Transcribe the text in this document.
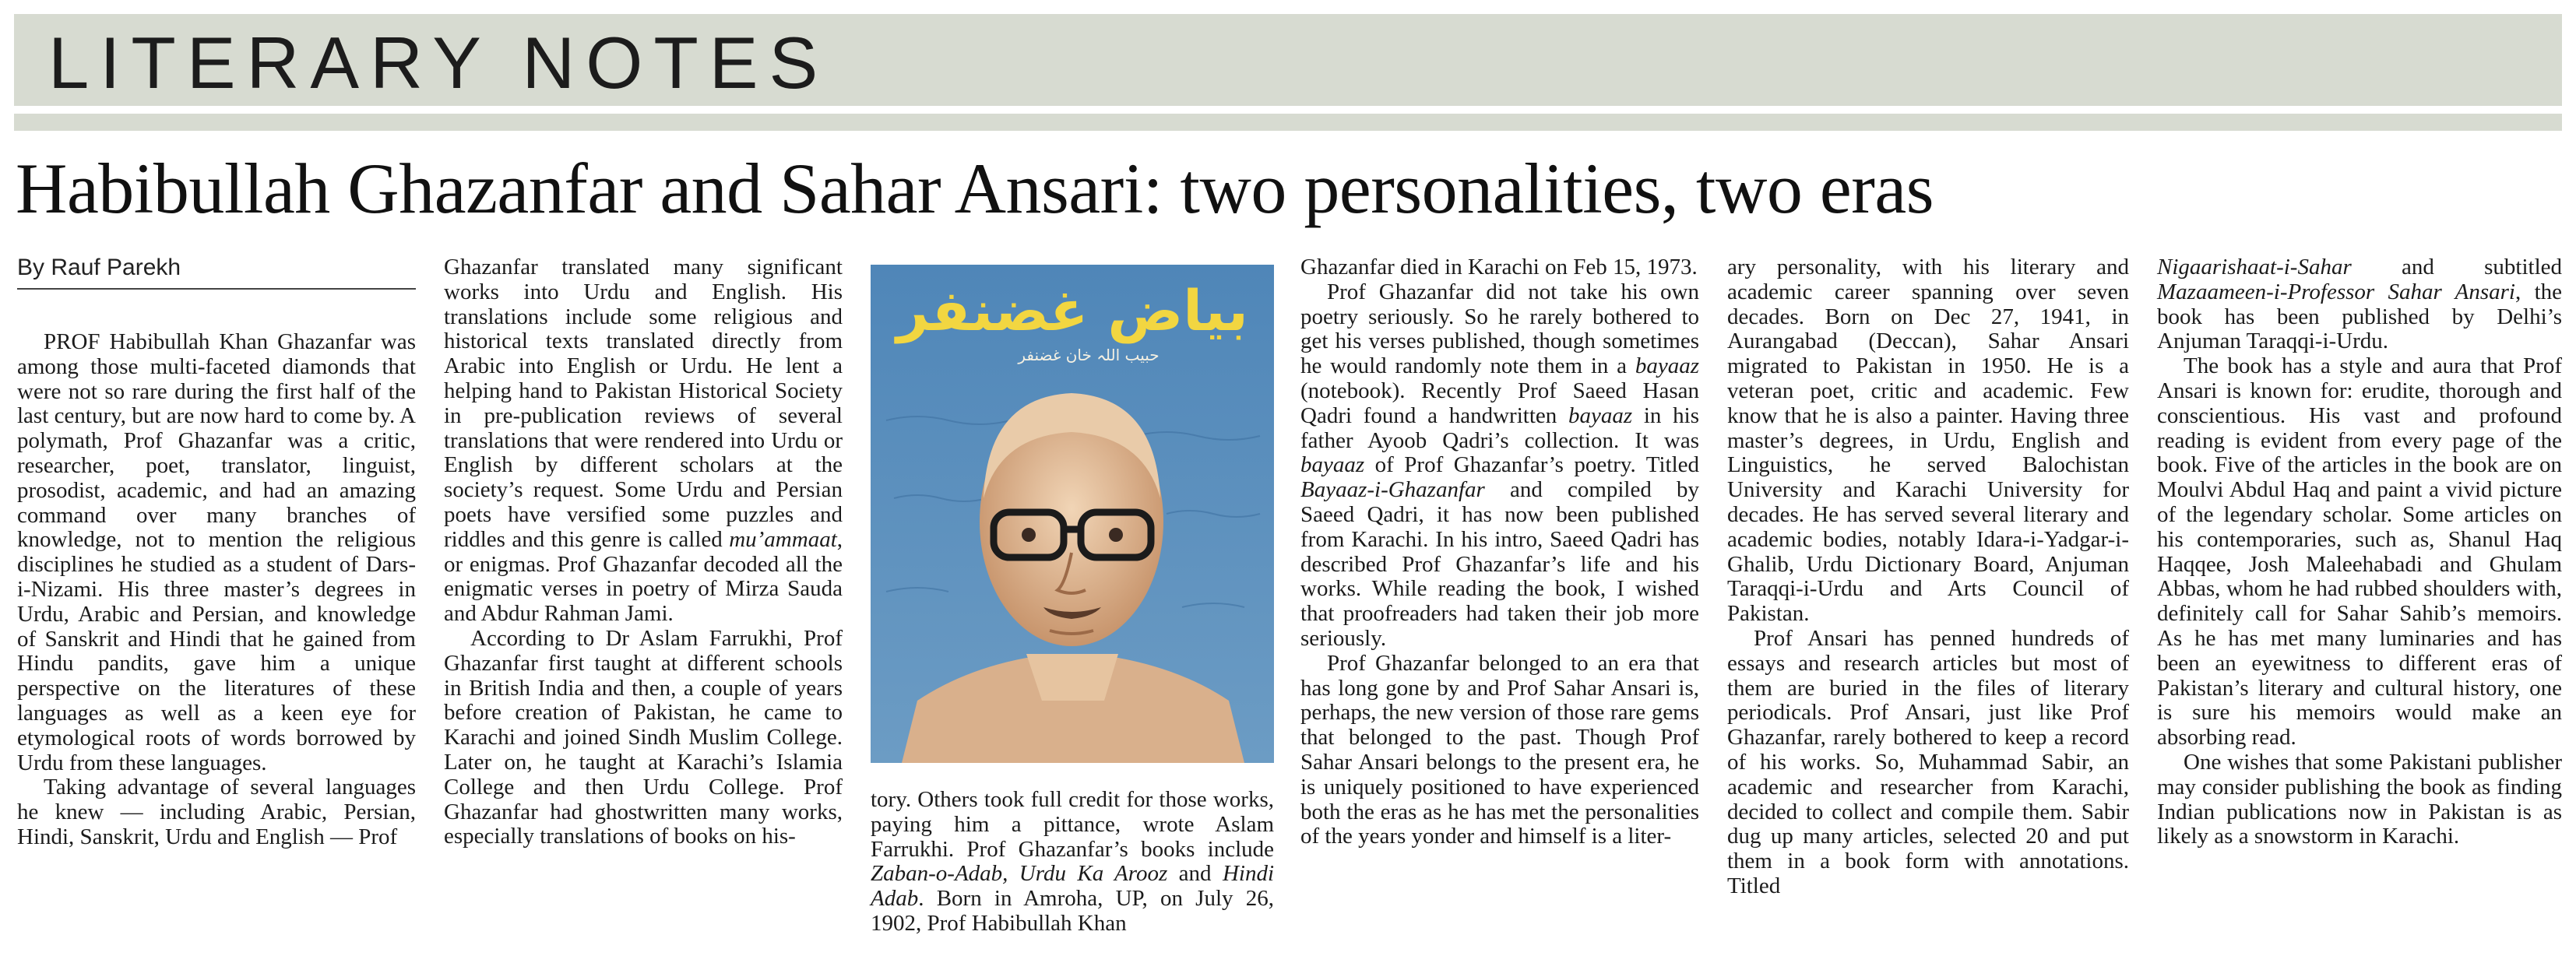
LITERARY NOTES
Habibullah Ghazanfar and Sahar Ansari: two personalities, two eras
By Rauf Parekh

PROF Habibullah Khan Ghazanfar was among those multi-faceted diamonds that were not so rare during the first half of the last century, but are now hard to come by. A polymath, Prof Ghazanfar was a critic, researcher, poet, translator, linguist, prosodist, academic, and had an amazing command over many branches of knowledge, not to mention the religious disciplines he studied as a student of Dars-i-Nizami. His three master’s degrees in Urdu, Arabic and Persian, and knowledge of Sanskrit and Hindi that he gained from Hindu pandits, gave him a unique perspective on the literatures of these languages as well as a keen eye for etymological roots of words borrowed by Urdu from these languages.

Taking advantage of several languages he knew — including Arabic, Persian, Hindi, Sanskrit, Urdu and English — Prof

Ghazanfar translated many significant works into Urdu and English. His translations include some religious and historical texts translated directly from Arabic into English or Urdu. He lent a helping hand to Pakistan Historical Society in pre-publication reviews of several translations that were rendered into Urdu or English by different scholars at the society’s request. Some Urdu and Persian poets have versified some puzzles and riddles and this genre is called mu’ammaat, or enigmas. Prof Ghazanfar decoded all the enigmatic verses in poetry of Mirza Sauda and Abdur Rahman Jami.

According to Dr Aslam Farrukhi, Prof Ghazanfar first taught at different schools in British India and then, a couple of years before creation of Pakistan, he came to Karachi and joined Sindh Muslim College. Later on, he taught at Karachi’s Islamia College and then Urdu College. Prof Ghazanfar had ghostwritten many works, especially translations of books on his-

بیاض غضنفر
حبیب اللہ خان غضنفر

tory. Others took full credit for those works, paying him a pittance, wrote Aslam Farrukhi. Prof Ghazanfar’s books include Zaban-o-Adab, Urdu Ka Arooz and Hindi Adab. Born in Amroha, UP, on July 26, 1902, Prof Habibullah Khan

Ghazanfar died in Karachi on Feb 15, 1973.

Prof Ghazanfar did not take his own poetry seriously. So he rarely bothered to get his verses published, though sometimes he would randomly note them in a bayaaz (notebook). Recently Prof Saeed Hasan Qadri found a handwritten bayaaz in his father Ayoob Qadri’s collection. It was bayaaz of Prof Ghazanfar’s poetry. Titled Bayaaz-i-Ghazanfar and compiled by Saeed Qadri, it has now been published from Karachi. In his intro, Saeed Qadri has described Prof Ghazanfar’s life and his works. While reading the book, I wished that proofreaders had taken their job more seriously.

Prof Ghazanfar belonged to an era that has long gone by and Prof Sahar Ansari is, perhaps, the new version of those rare gems that belonged to the past. Though Prof Sahar Ansari belongs to the present era, he is uniquely positioned to have experienced both the eras as he has met the personalities of the years yonder and himself is a liter-

ary personality, with his literary and academic career spanning over seven decades. Born on Dec 27, 1941, in Aurangabad (Deccan), Sahar Ansari migrated to Pakistan in 1950. He is a veteran poet, critic and academic. Few know that he is also a painter. Having three master’s degrees, in Urdu, English and Linguistics, he served Balochistan University and Karachi University for decades. He has served several literary and academic bodies, notably Idara-i-Yadgar-i-Ghalib, Urdu Dictionary Board, Anjuman Taraqqi-i-Urdu and Arts Council of Pakistan.

Prof Ansari has penned hundreds of essays and research articles but most of them are buried in the files of literary periodicals. Prof Ansari, just like Prof Ghazanfar, rarely bothered to keep a record of his works. So, Muhammad Sabir, an academic and researcher from Karachi, decided to collect and compile them. Sabir dug up many articles, selected 20 and put them in a book form with annotations. Titled

Nigaarishaat-i-Sahar and subtitled Mazaameen-i-Professor Sahar Ansari, the book has been published by Delhi’s Anjuman Taraqqi-i-Urdu.

The book has a style and aura that Prof Ansari is known for: erudite, thorough and conscientious. His vast and profound reading is evident from every page of the book. Five of the articles in the book are on Moulvi Abdul Haq and paint a vivid picture of the legendary scholar. Some articles on his contemporaries, such as, Shanul Haq Haqqee, Josh Maleehabadi and Ghulam Abbas, whom he had rubbed shoulders with, definitely call for Sahar Sahib’s memoirs. As he has met many luminaries and has been an eyewitness to different eras of Pakistan’s literary and cultural history, one is sure his memoirs would make an absorbing read.

One wishes that some Pakistani publisher may consider publishing the book as finding Indian publications now in Pakistan is as likely as a snowstorm in Karachi.
